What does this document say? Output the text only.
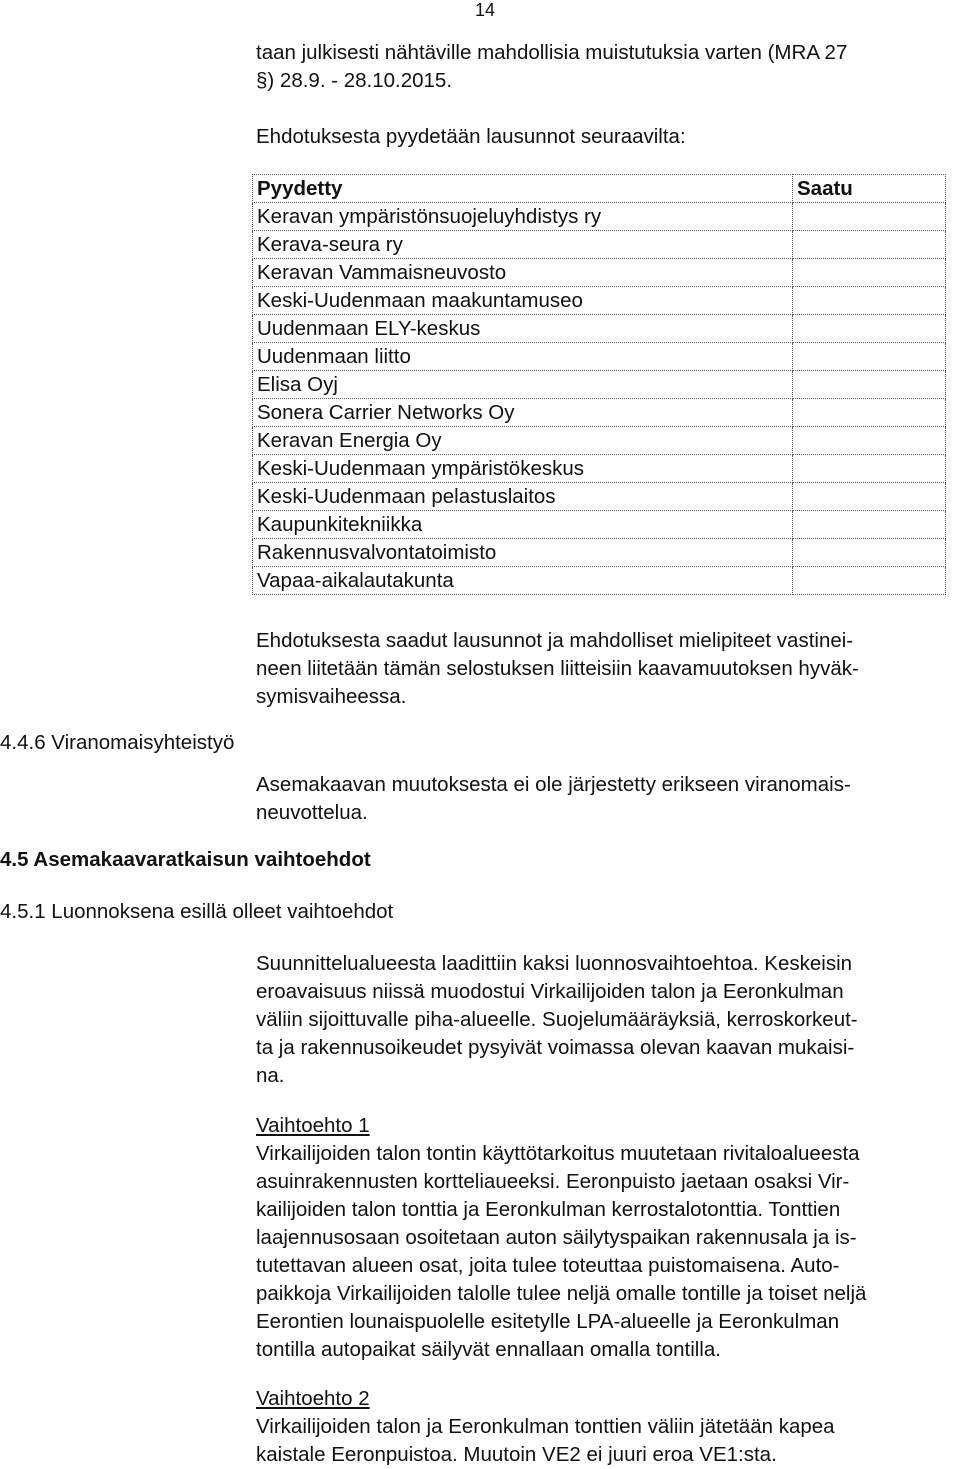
14
taan julkisesti nähtäville mahdollisia muistutuksia varten (MRA 27
§) 28.9. - 28.10.2015.
Ehdotuksesta pyydetään lausunnot seuraavilta:
Pyydetty	Saatu
Keravan ympäristönsuojeluyhdistys ry	
Kerava-seura ry	
Keravan Vammaisneuvosto	
Keski-Uudenmaan maakuntamuseo	
Uudenmaan ELY-keskus	
Uudenmaan liitto	
Elisa Oyj	
Sonera Carrier Networks Oy	
Keravan Energia Oy	
Keski-Uudenmaan ympäristökeskus	
Keski-Uudenmaan pelastuslaitos	
Kaupunkitekniikka	
Rakennusvalvontatoimisto	
Vapaa-aikalautakunta	
Ehdotuksesta saadut lausunnot ja mahdolliset mielipiteet vastinei-
neen liitetään tämän selostuksen liitteisiin kaavamuutoksen hyväk-
symisvaiheessa.
4.4.6 Viranomaisyhteistyö
Asemakaavan muutoksesta ei ole järjestetty erikseen viranomais-
neuvottelua.
4.5 Asemakaavaratkaisun vaihtoehdot
4.5.1 Luonnoksena esillä olleet vaihtoehdot
Suunnittelualueesta laadittiin kaksi luonnosvaihtoehtoa. Keskeisin
eroavaisuus niissä muodostui Virkailijoiden talon ja Eeronkulman
väliin sijoittuvalle piha-alueelle. Suojelumääräyksiä, kerroskorkeut-
ta ja rakennusoikeudet pysyivät voimassa olevan kaavan mukaisi-
na.
Vaihtoehto 1
Virkailijoiden talon tontin käyttötarkoitus muutetaan rivitaloalueesta
asuinrakennusten kortteliaueeksi. Eeronpuisto jaetaan osaksi Vir-
kailijoiden talon tonttia ja Eeronkulman kerrostalotonttia. Tonttien
laajennusosaan osoitetaan auton säilytyspaikan rakennusala ja is-
tutettavan alueen osat, joita tulee toteuttaa puistomaisena. Auto-
paikkoja Virkailijoiden talolle tulee neljä omalle tontille ja toiset neljä
Eerontien lounaispuolelle esitetylle LPA-alueelle ja Eeronkulman
tontilla autopaikat säilyvät ennallaan omalla tontilla.
Vaihtoehto 2
Virkailijoiden talon ja Eeronkulman tonttien väliin jätetään kapea
kaistale Eeronpuistoa. Muutoin VE2 ei juuri eroa VE1:sta.
